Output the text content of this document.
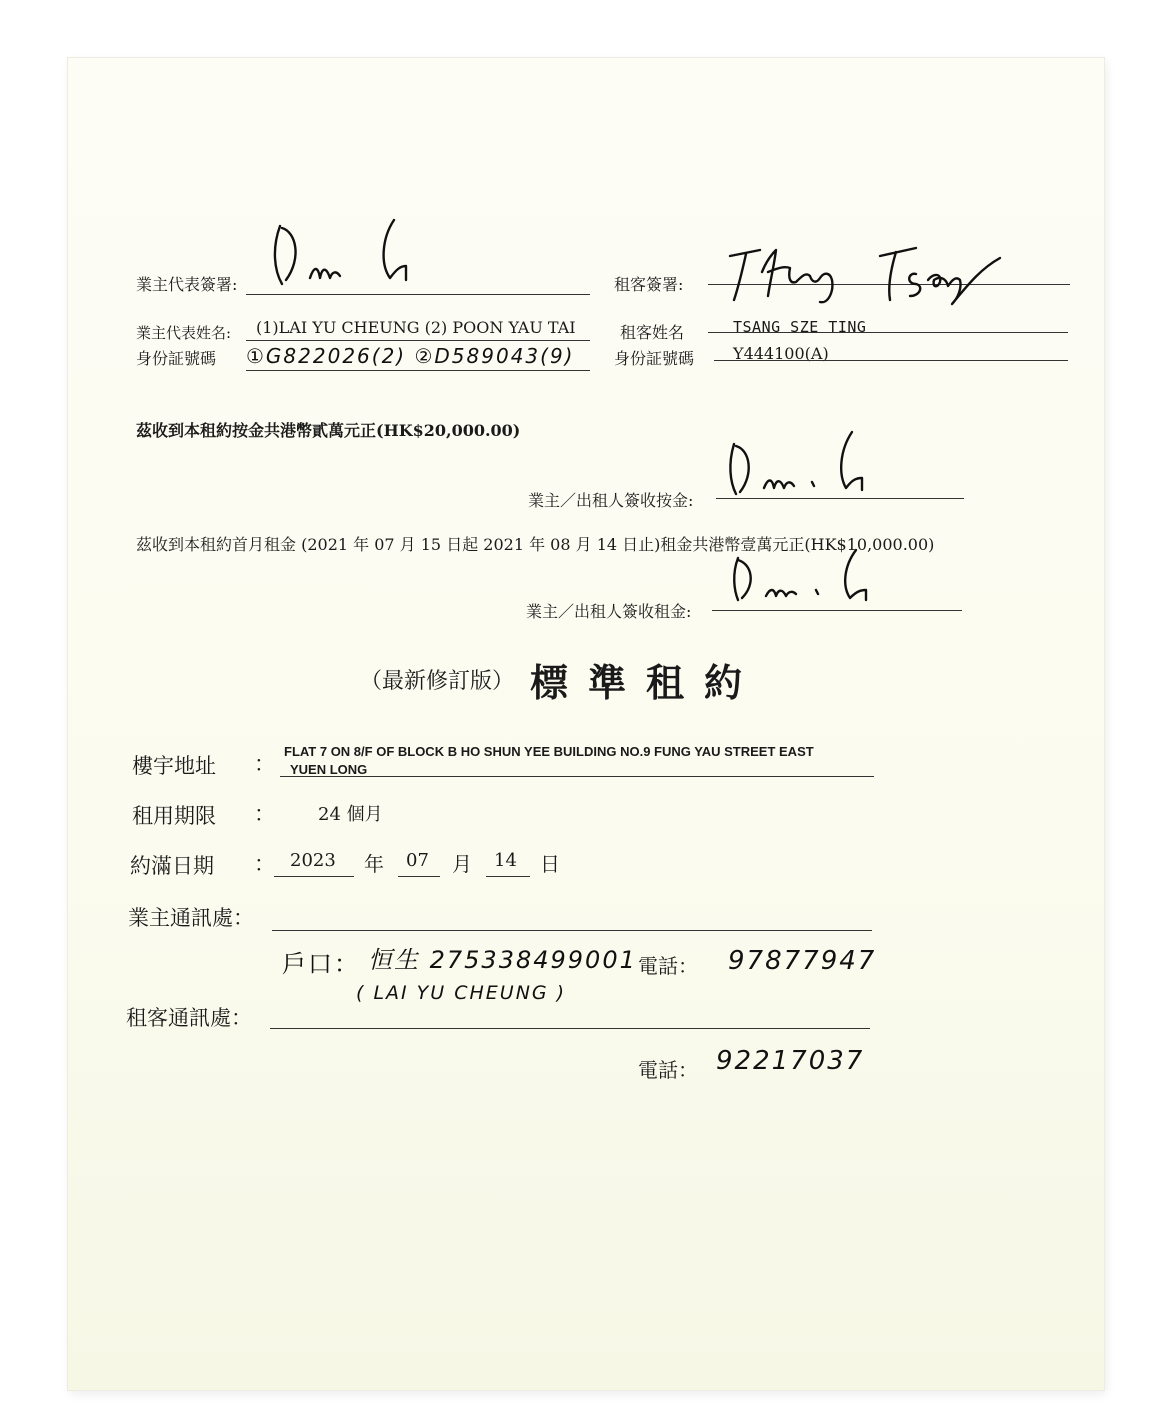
業主代表簽署:	租客簽署:
業主代表姓名: (1)LAI YU CHEUNG (2) POON YAU TAI
身份証號碼 ①G822026(2) ②D589043(9)
租客姓名	TSANG SZE TING
身份証號碼 Y444100(A)
茲收到本租約按金共港幣貳萬元正(HK$20,000.00)
業主／出租人簽收按金:
茲收到本租約首月租金 (2021 年 07 月 15 日起 2021 年 08 月 14 日止)租金共港幣壹萬元正(HK$10,000.00)
業主／出租人簽收租金:
（最新修訂版） 標準租約
樓宇地址 ：
FLAT 7 ON 8/F OF BLOCK B HO SHUN YEE BUILDING NO.9 FUNG YAU STREET EAST
YUEN LONG
租用期限 ： 24 個月
約滿日期 ： 2023 年 07 月 14 日
業主通訊處：
戶口： 恒生 275338499001 電話： 97877947
( LAI YU CHEUNG )
租客通訊處：
電話： 92217037
